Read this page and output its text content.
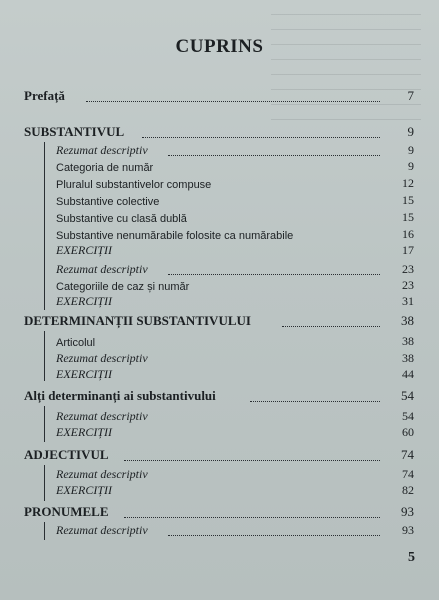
CUPRINS
Prefață	7
SUBSTANTIVUL	9
Rezumat descriptiv	9
Categoria de număr	9
Pluralul substantivelor compuse	12
Substantive colective	15
Substantive cu clasă dublă	15
Substantive nenumărabile folosite ca numărabile	16
EXERCIȚII	17
Rezumat descriptiv	23
Categoriile de caz și număr	23
EXERCIȚII	31
DETERMINANȚII SUBSTANTIVULUI	38
Articolul	38
Rezumat descriptiv	38
EXERCIȚII	44
Alți determinanți ai substantivului	54
Rezumat descriptiv	54
EXERCIȚII	60
ADJECTIVUL	74
Rezumat descriptiv	74
EXERCIȚII	82
PRONUMELE	93
Rezumat descriptiv	93
5
